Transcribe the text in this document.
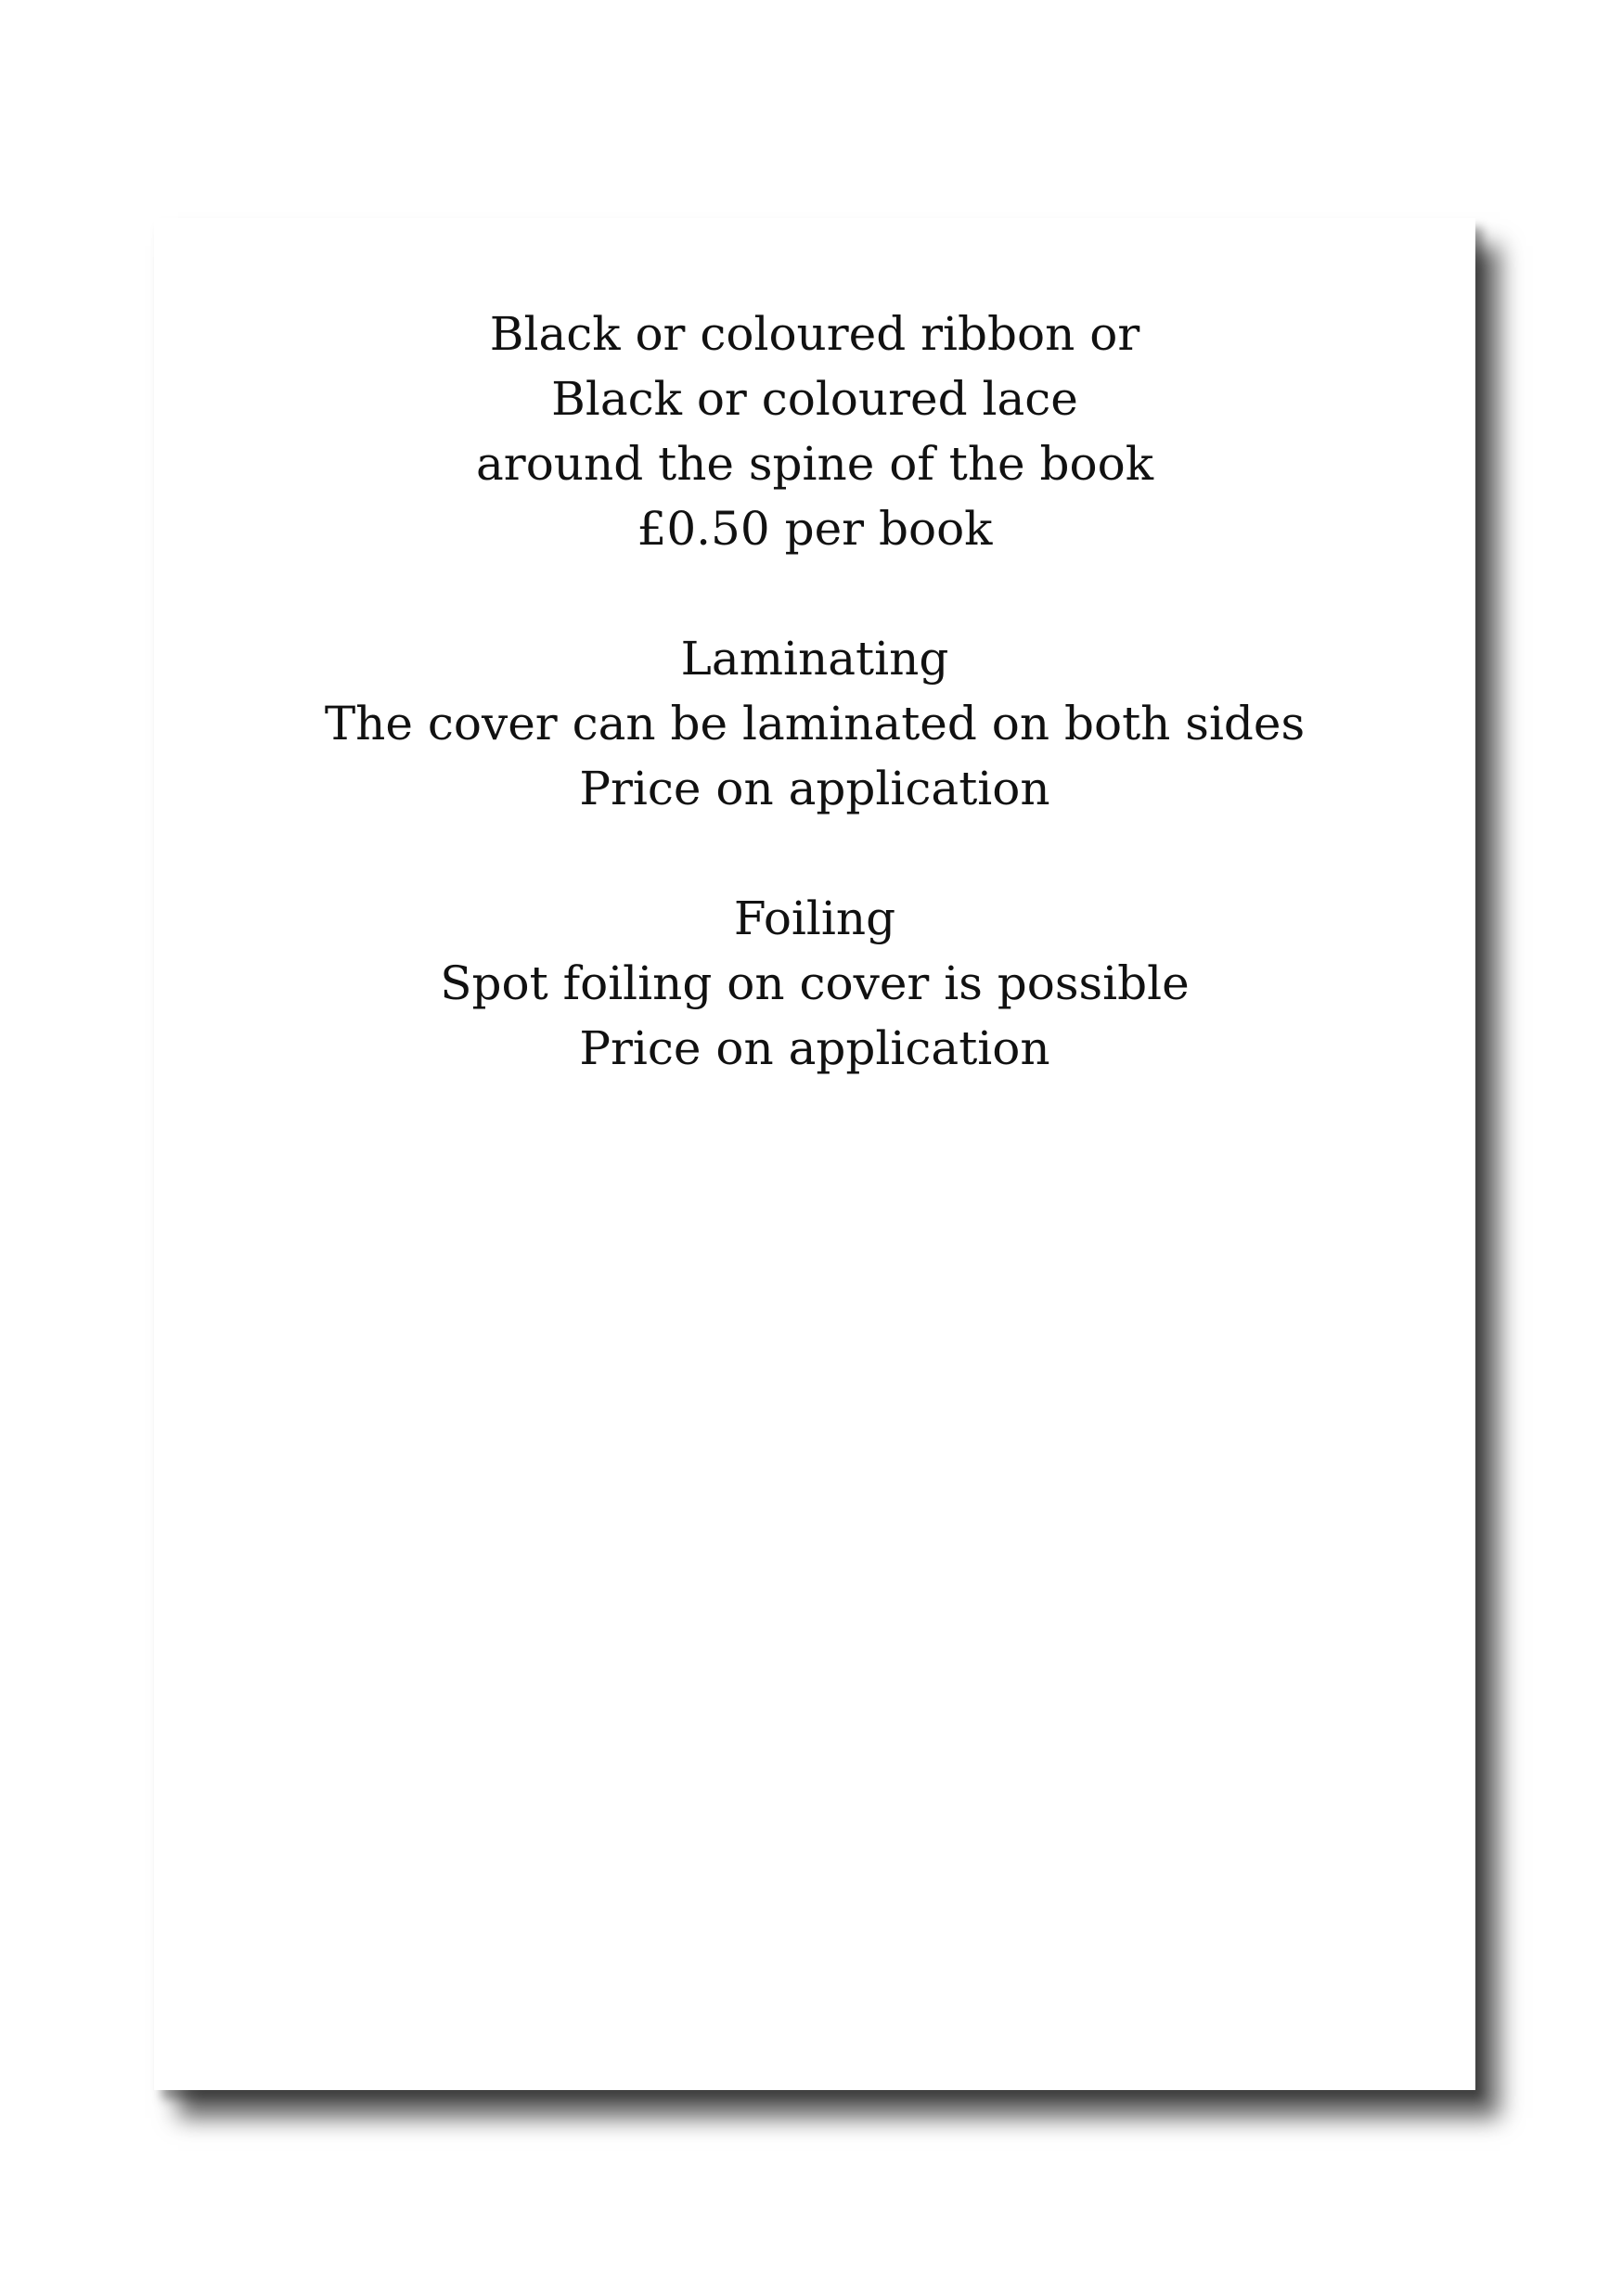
Black or coloured ribbon or
Black or coloured lace
around the spine of the book
£0.50 per book
Laminating
The cover can be laminated on both sides
Price on application
Foiling
Spot foiling on cover is possible
Price on application
